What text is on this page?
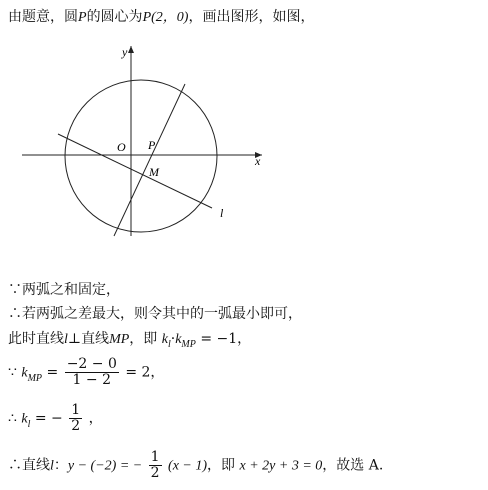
由题意，圆P的圆心为P(2，0)，画出图形，如图，
y
x
O P
M
l
∵两弧之和固定，
∴若两弧之差最大，则令其中的一弧最小即可，
此时直线l⊥直线MP，即 $k_l\cdot k_{MP} = -1$，
∵ $k_{MP} = \frac{-2 - 0}{1 - 2} = 2$，
∴ $k_l$ = − $\frac{1}{2}$ ，
∴直线l：y − (−2) = − $\frac{1}{2} (x - 1)$，即 x + 2y + 3 = 0，故选 A.
